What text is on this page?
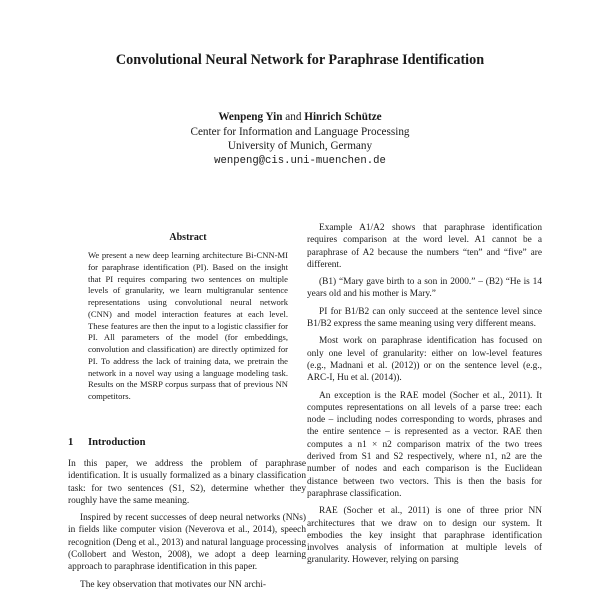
Convolutional Neural Network for Paraphrase Identification
Wenpeng Yin and Hinrich Schütze
Center for Information and Language Processing
University of Munich, Germany
wenpeng@cis.uni-muenchen.de
Abstract
We present a new deep learning architecture Bi-CNN-MI for paraphrase identification (PI). Based on the insight that PI requires comparing two sentences on multiple levels of granularity, we learn multigranular sentence representations using convolutional neural network (CNN) and model interaction features at each level. These features are then the input to a logistic classifier for PI. All parameters of the model (for embeddings, convolution and classification) are directly optimized for PI. To address the lack of training data, we pretrain the network in a novel way using a language modeling task. Results on the MSRP corpus surpass that of previous NN competitors.
1 Introduction

In this paper, we address the problem of paraphrase identification. It is usually formalized as a binary classification task: for two sentences (S1, S2), determine whether they roughly have the same meaning.

Inspired by recent successes of deep neural networks (NNs) in fields like computer vision (Neverova et al., 2014), speech recognition (Deng et al., 2013) and natural language processing (Collobert and Weston, 2008), we adopt a deep learning approach to paraphrase identification in this paper.

The key observation that motivates our NN archi-

Example A1/A2 shows that paraphrase identification requires comparison at the word level. A1 cannot be a paraphrase of A2 because the numbers “ten” and “five” are different.

(B1) “Mary gave birth to a son in 2000.” – (B2) “He is 14 years old and his mother is Mary.”

PI for B1/B2 can only succeed at the sentence level since B1/B2 express the same meaning using very different means.

Most work on paraphrase identification has focused on only one level of granularity: either on low-level features (e.g., Madnani et al. (2012)) or on the sentence level (e.g., ARC-I, Hu et al. (2014)).

An exception is the RAE model (Socher et al., 2011). It computes representations on all levels of a parse tree: each node – including nodes corresponding to words, phrases and the entire sentence – is represented as a vector. RAE then computes a n1 × n2 comparison matrix of the two trees derived from S1 and S2 respectively, where n1, n2 are the number of nodes and each comparison is the Euclidean distance between two vectors. This is then the basis for paraphrase classification.

RAE (Socher et al., 2011) is one of three prior NN architectures that we draw on to design our system. It embodies the key insight that paraphrase identification involves analysis of information at multiple levels of granularity. However, relying on parsing
